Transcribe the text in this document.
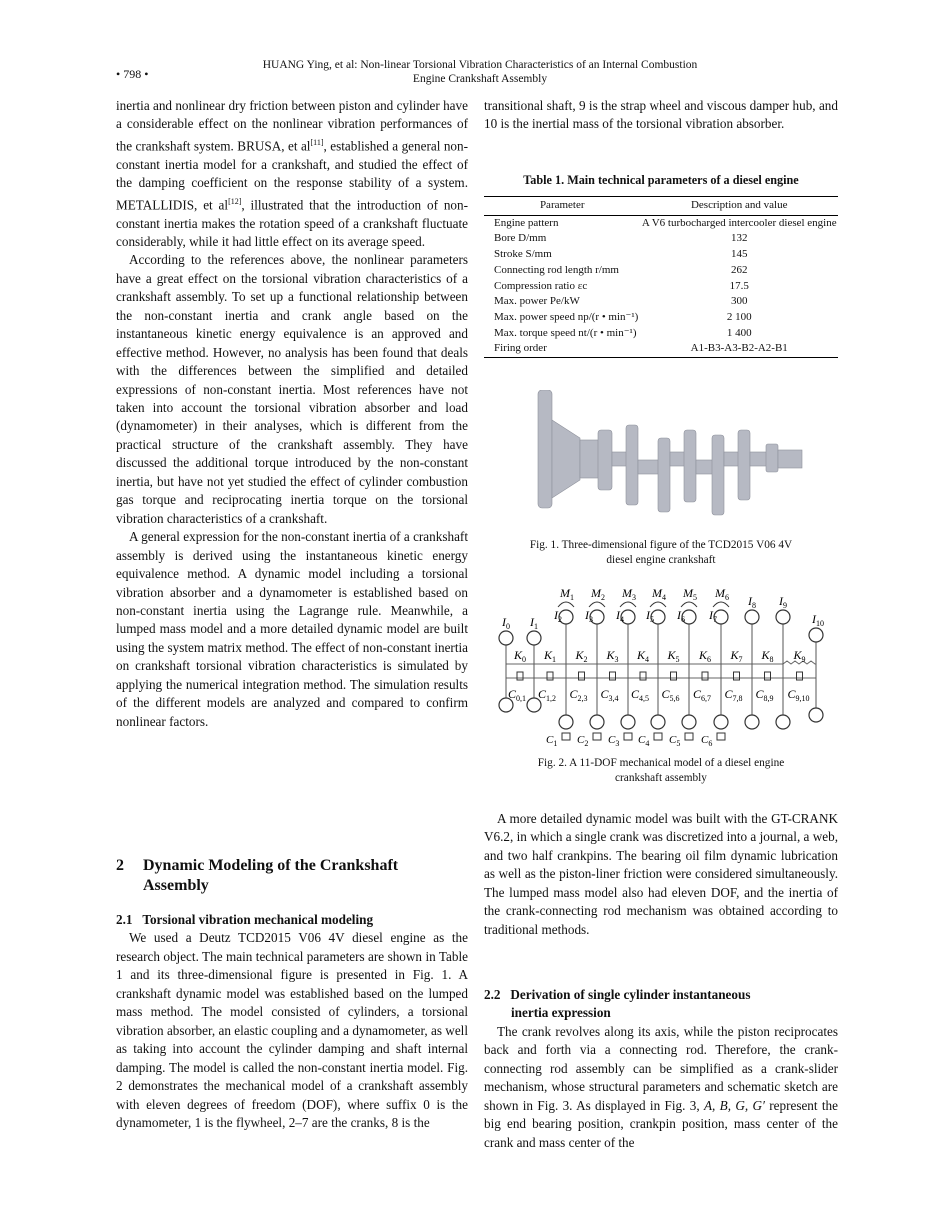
• 798 •
HUANG Ying, et al: Non-linear Torsional Vibration Characteristics of an Internal Combustion
Engine Crankshaft Assembly

inertia and nonlinear dry friction between piston and cylinder have a considerable effect on the nonlinear vibration performances of the crankshaft system. BRUSA, et al[11], established a general non-constant inertia model for a crankshaft, and studied the effect of the damping coefficient on the response stability of a system. METALLIDIS, et al[12], illustrated that the introduction of non-constant inertia makes the rotation speed of a crankshaft fluctuate considerably, while it had little effect on its average speed.

According to the references above, the nonlinear parameters have a great effect on the torsional vibration characteristics of a crankshaft assembly. To set up a functional relationship between the non-constant inertia and crank angle based on the instantaneous kinetic energy equivalence is an approved and effective method. However, no analysis has been found that deals with the differences between the simplified and detailed expressions of non-constant inertia. Most references have not taken into account the torsional vibration absorber and load (dynamometer) in their analyses, which is different from the practical structure of the crankshaft assembly. They have discussed the additional torque introduced by the non-constant inertia, but have not yet studied the effect of cylinder combustion gas torque and reciprocating inertia torque on the torsional vibration characteristics of a crankshaft.

A general expression for the non-constant inertia of a crankshaft assembly is derived using the instantaneous kinetic energy equivalence method. A dynamic model including a torsional vibration absorber and a dynamometer is established based on non-constant inertia using the Lagrange rule. Meanwhile, a lumped mass model and a more detailed dynamic model are built using the system matrix method. The effect of non-constant inertia on crankshaft torsional vibration characteristics is simulated by applying the numerical integration method. The simulation results of the different models are analyzed and compared to confirm nonlinear factors.

2 Dynamic Modeling of the Crankshaft
Assembly

2.1 Torsional vibration mechanical modeling

We used a Deutz TCD2015 V06 4V diesel engine as the research object. The main technical parameters are shown in Table 1 and its three-dimensional figure is presented in Fig. 1. A crankshaft dynamic model was established based on the lumped mass method. The model consisted of cylinders, a torsional vibration absorber, an elastic coupling and a dynamometer, as well as taking into account the cylinder damping and shaft internal damping. The model is called the non-constant inertia model. Fig. 2 demonstrates the mechanical model of a crankshaft assembly with eleven degrees of freedom (DOF), where suffix 0 is the dynamometer, 1 is the flywheel, 2–7 are the cranks, 8 is the

transitional shaft, 9 is the strap wheel and viscous damper hub, and 10 is the inertial mass of the torsional vibration absorber.

Table 1. Main technical parameters of a diesel engine
Parameter	Description and value
Engine pattern	A V6 turbocharged intercooler diesel engine
Bore D/mm	132
Stroke S/mm	145
Connecting rod length r/mm	262
Compression ratio εc	17.5
Max. power Pe/kW	300
Max. power speed np/(r • min⁻¹)	2 100
Max. torque speed nt/(r • min⁻¹)	1 400
Firing order	A1-B3-A3-B2-A2-B1
Fig. 1. Three-dimensional figure of the TCD2015 V06 4V
diesel engine crankshaft
$I_0$ $I_1$
$I_2$ $I_3$ $I_4$ $I_5$ $I_6$ $I_7$
$I_8$ $I_9$
$I_{10}$
$M_1$ $M_2$ $M_3$ $M_4$ $M_5$ $M_6$
$K_0$ $K_1$ $K_2$ $K_3$ $K_4$ $K_5$ $K_6$ $K_7$ $K_8$ $K_9$
$C_{0,1}$ $C_{1,2}$ $C_{2,3}$ $C_{3,4}$ $C_{4,5}$ $C_{5,6}$ $C_{6,7}$ $C_{7,8}$ $C_{8,9}$ $C_{9,10}$
$C_1$ $C_2$ $C_3$ $C_4$ $C_5$ $C_6$
Fig. 2. A 11-DOF mechanical model of a diesel engine
crankshaft assembly

A more detailed dynamic model was built with the GT-CRANK V6.2, in which a single crank was discretized into a journal, a web, and two half crankpins. The bearing oil film dynamic lubrication as well as the piston-liner friction were considered simultaneously. The lumped mass model also had eleven DOF, and the inertia of the crank-connecting rod mechanism was obtained according to traditional methods.

2.2 Derivation of single cylinder instantaneous
inertia expression

The crank revolves along its axis, while the piston reciprocates back and forth via a connecting rod. Therefore, the crank-connecting rod assembly can be simplified as a crank-slider mechanism, whose structural parameters and schematic sketch are shown in Fig. 3. As displayed in Fig. 3, A, B, G, G′ represent the big end bearing position, crankpin position, mass center of the crank and mass center of the
